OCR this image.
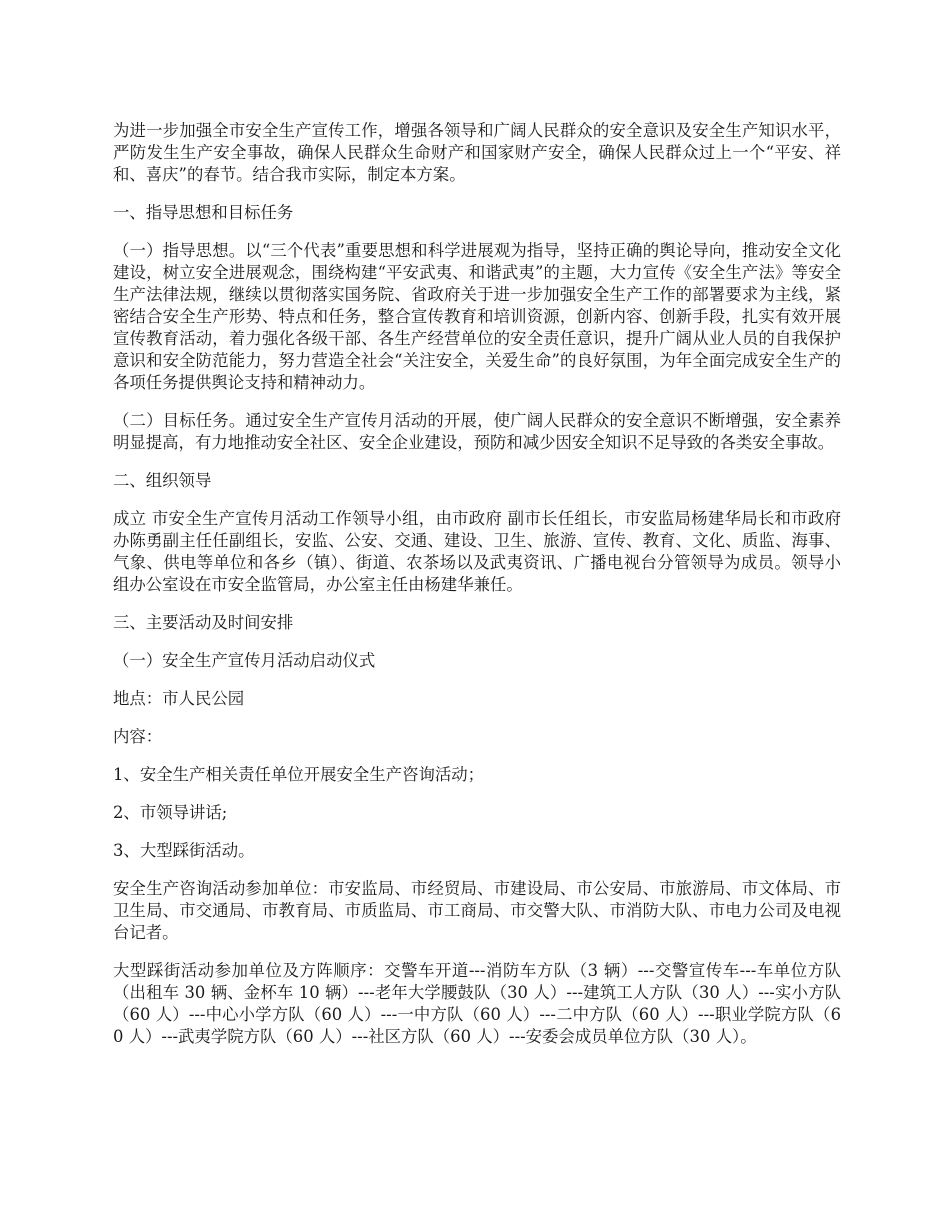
为进一步加强全市安全生产宣传工作，增强各领导和广阔人民群众的安全意识及安全生产知识水平，严防发生生产安全事故，确保人民群众生命财产和国家财产安全，确保人民群众过上一个“平安、祥和、喜庆”的春节。结合我市实际，制定本方案。

一、指导思想和目标任务

（一）指导思想。以“三个代表”重要思想和科学进展观为指导，坚持正确的舆论导向，推动安全文化建设，树立安全进展观念，围绕构建“平安武夷、和谐武夷”的主题，大力宣传《安全生产法》等安全生产法律法规，继续以贯彻落实国务院、省政府关于进一步加强安全生产工作的部署要求为主线，紧密结合安全生产形势、特点和任务，整合宣传教育和培训资源，创新内容、创新手段，扎实有效开展宣传教育活动，着力强化各级干部、各生产经营单位的安全责任意识，提升广阔从业人员的自我保护意识和安全防范能力，努力营造全社会“关注安全，关爱生命”的良好氛围，为年全面完成安全生产的各项任务提供舆论支持和精神动力。

（二）目标任务。通过安全生产宣传月活动的开展，使广阔人民群众的安全意识不断增强，安全素养明显提高，有力地推动安全社区、安全企业建设，预防和减少因安全知识不足导致的各类安全事故。

二、组织领导

成立 市安全生产宣传月活动工作领导小组，由市政府 副市长任组长，市安监局杨建华局长和市政府办陈勇副主任任副组长，安监、公安、交通、建设、卫生、旅游、宣传、教育、文化、质监、海事、气象、供电等单位和各乡（镇）、街道、农茶场以及武夷资讯、广播电视台分管领导为成员。领导小组办公室设在市安全监管局，办公室主任由杨建华兼任。

三、主要活动及时间安排

（一）安全生产宣传月活动启动仪式

地点：市人民公园

内容：

1、安全生产相关责任单位开展安全生产咨询活动；

2、市领导讲话;

3、大型踩街活动。

安全生产咨询活动参加单位：市安监局、市经贸局、市建设局、市公安局、市旅游局、市文体局、市卫生局、市交通局、市教育局、市质监局、市工商局、市交警大队、市消防大队、市电力公司及电视台记者。

大型踩街活动参加单位及方阵顺序：交警车开道---消防车方队（3 辆）---交警宣传车---车单位方队（出租车 30 辆、金杯车 10 辆）---老年大学腰鼓队（30 人）---建筑工人方队（30 人）---实小方队（60 人）---中心小学方队（60 人）---一中方队（60 人）---二中方队（60 人）---职业学院方队（60 人）---武夷学院方队（60 人）---社区方队（60 人）---安委会成员单位方队（30 人）。
